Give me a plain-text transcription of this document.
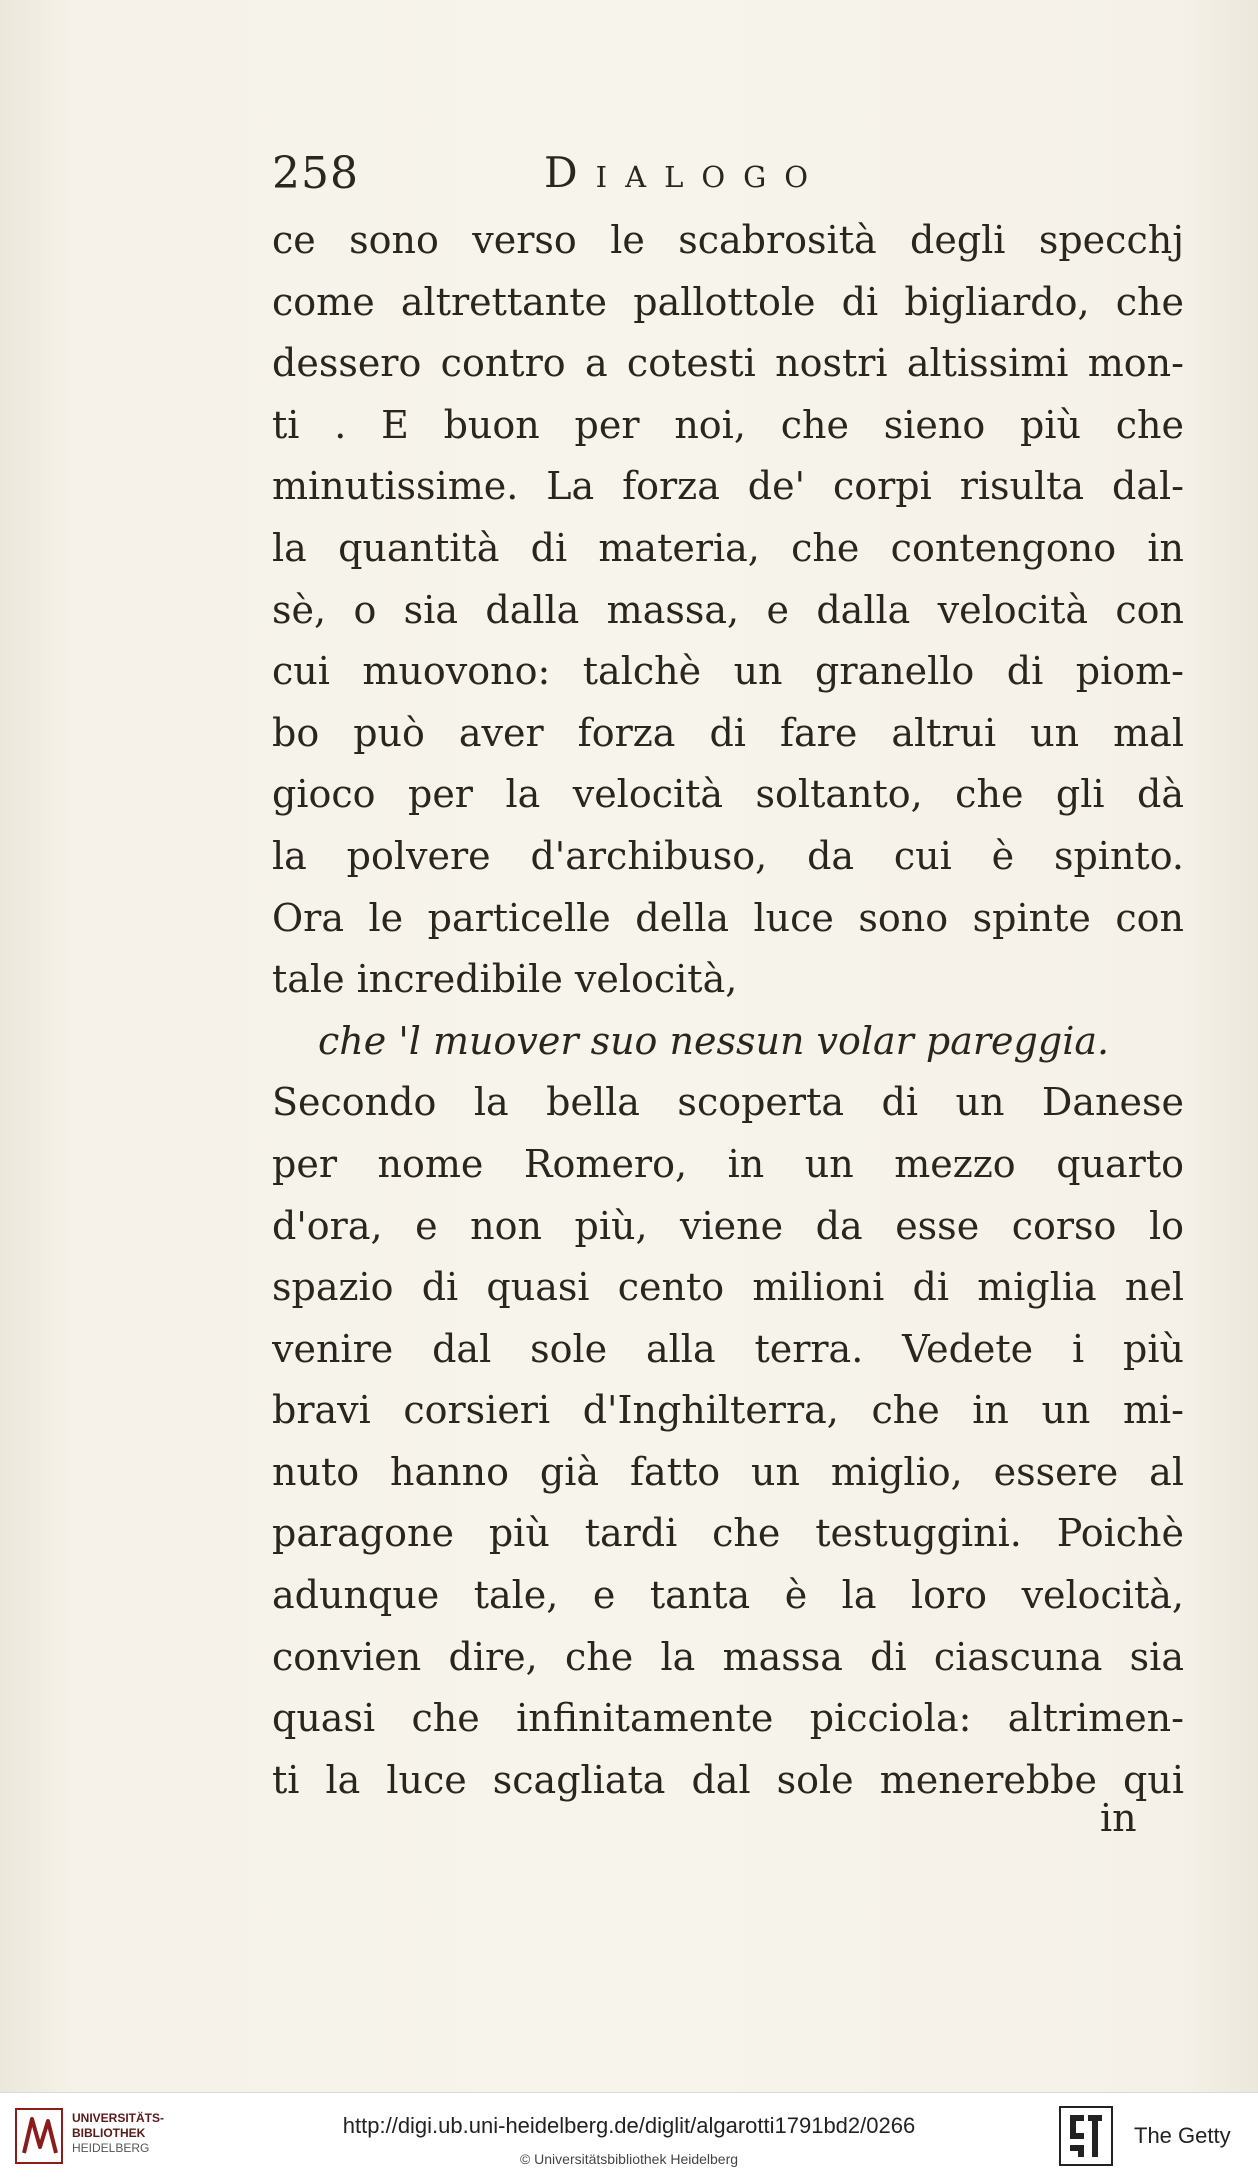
258	Dialogo
ce sono verso le scabrosità degli specchj
come altrettante pallottole di bigliardo, che
dessero contro a cotesti nostri altissimi mon-
ti . E buon per noi, che sieno più che
minutissime. La forza de' corpi risulta dal-
la quantità di materia, che contengono in
sè, o sia dalla massa, e dalla velocità con
cui muovono: talchè un granello di piom-
bo può aver forza di fare altrui un mal
gioco per la velocità soltanto, che gli dà
la polvere d'archibuso, da cui è spinto.
Ora le particelle della luce sono spinte con
tale incredibile velocità,
che 'l muover suo nessun volar pareggia.
Secondo la bella scoperta di un Danese
per nome Romero, in un mezzo quarto
d'ora, e non più, viene da esse corso lo
spazio di quasi cento milioni di miglia nel
venire dal sole alla terra. Vedete i più
bravi corsieri d'Inghilterra, che in un mi-
nuto hanno già fatto un miglio, essere al
paragone più tardi che testuggini. Poichè
adunque tale, e tanta è la loro velocità,
convien dire, che la massa di ciascuna sia
quasi che infinitamente picciola: altrimen-
ti la luce scagliata dal sole menerebbe qui
in
UNIVERSITÄTS-
BIBLIOTHEK
HEIDELBERG
http://digi.ub.uni-heidelberg.de/diglit/algarotti1791bd2/0266
© Universitätsbibliothek Heidelberg
The Getty
